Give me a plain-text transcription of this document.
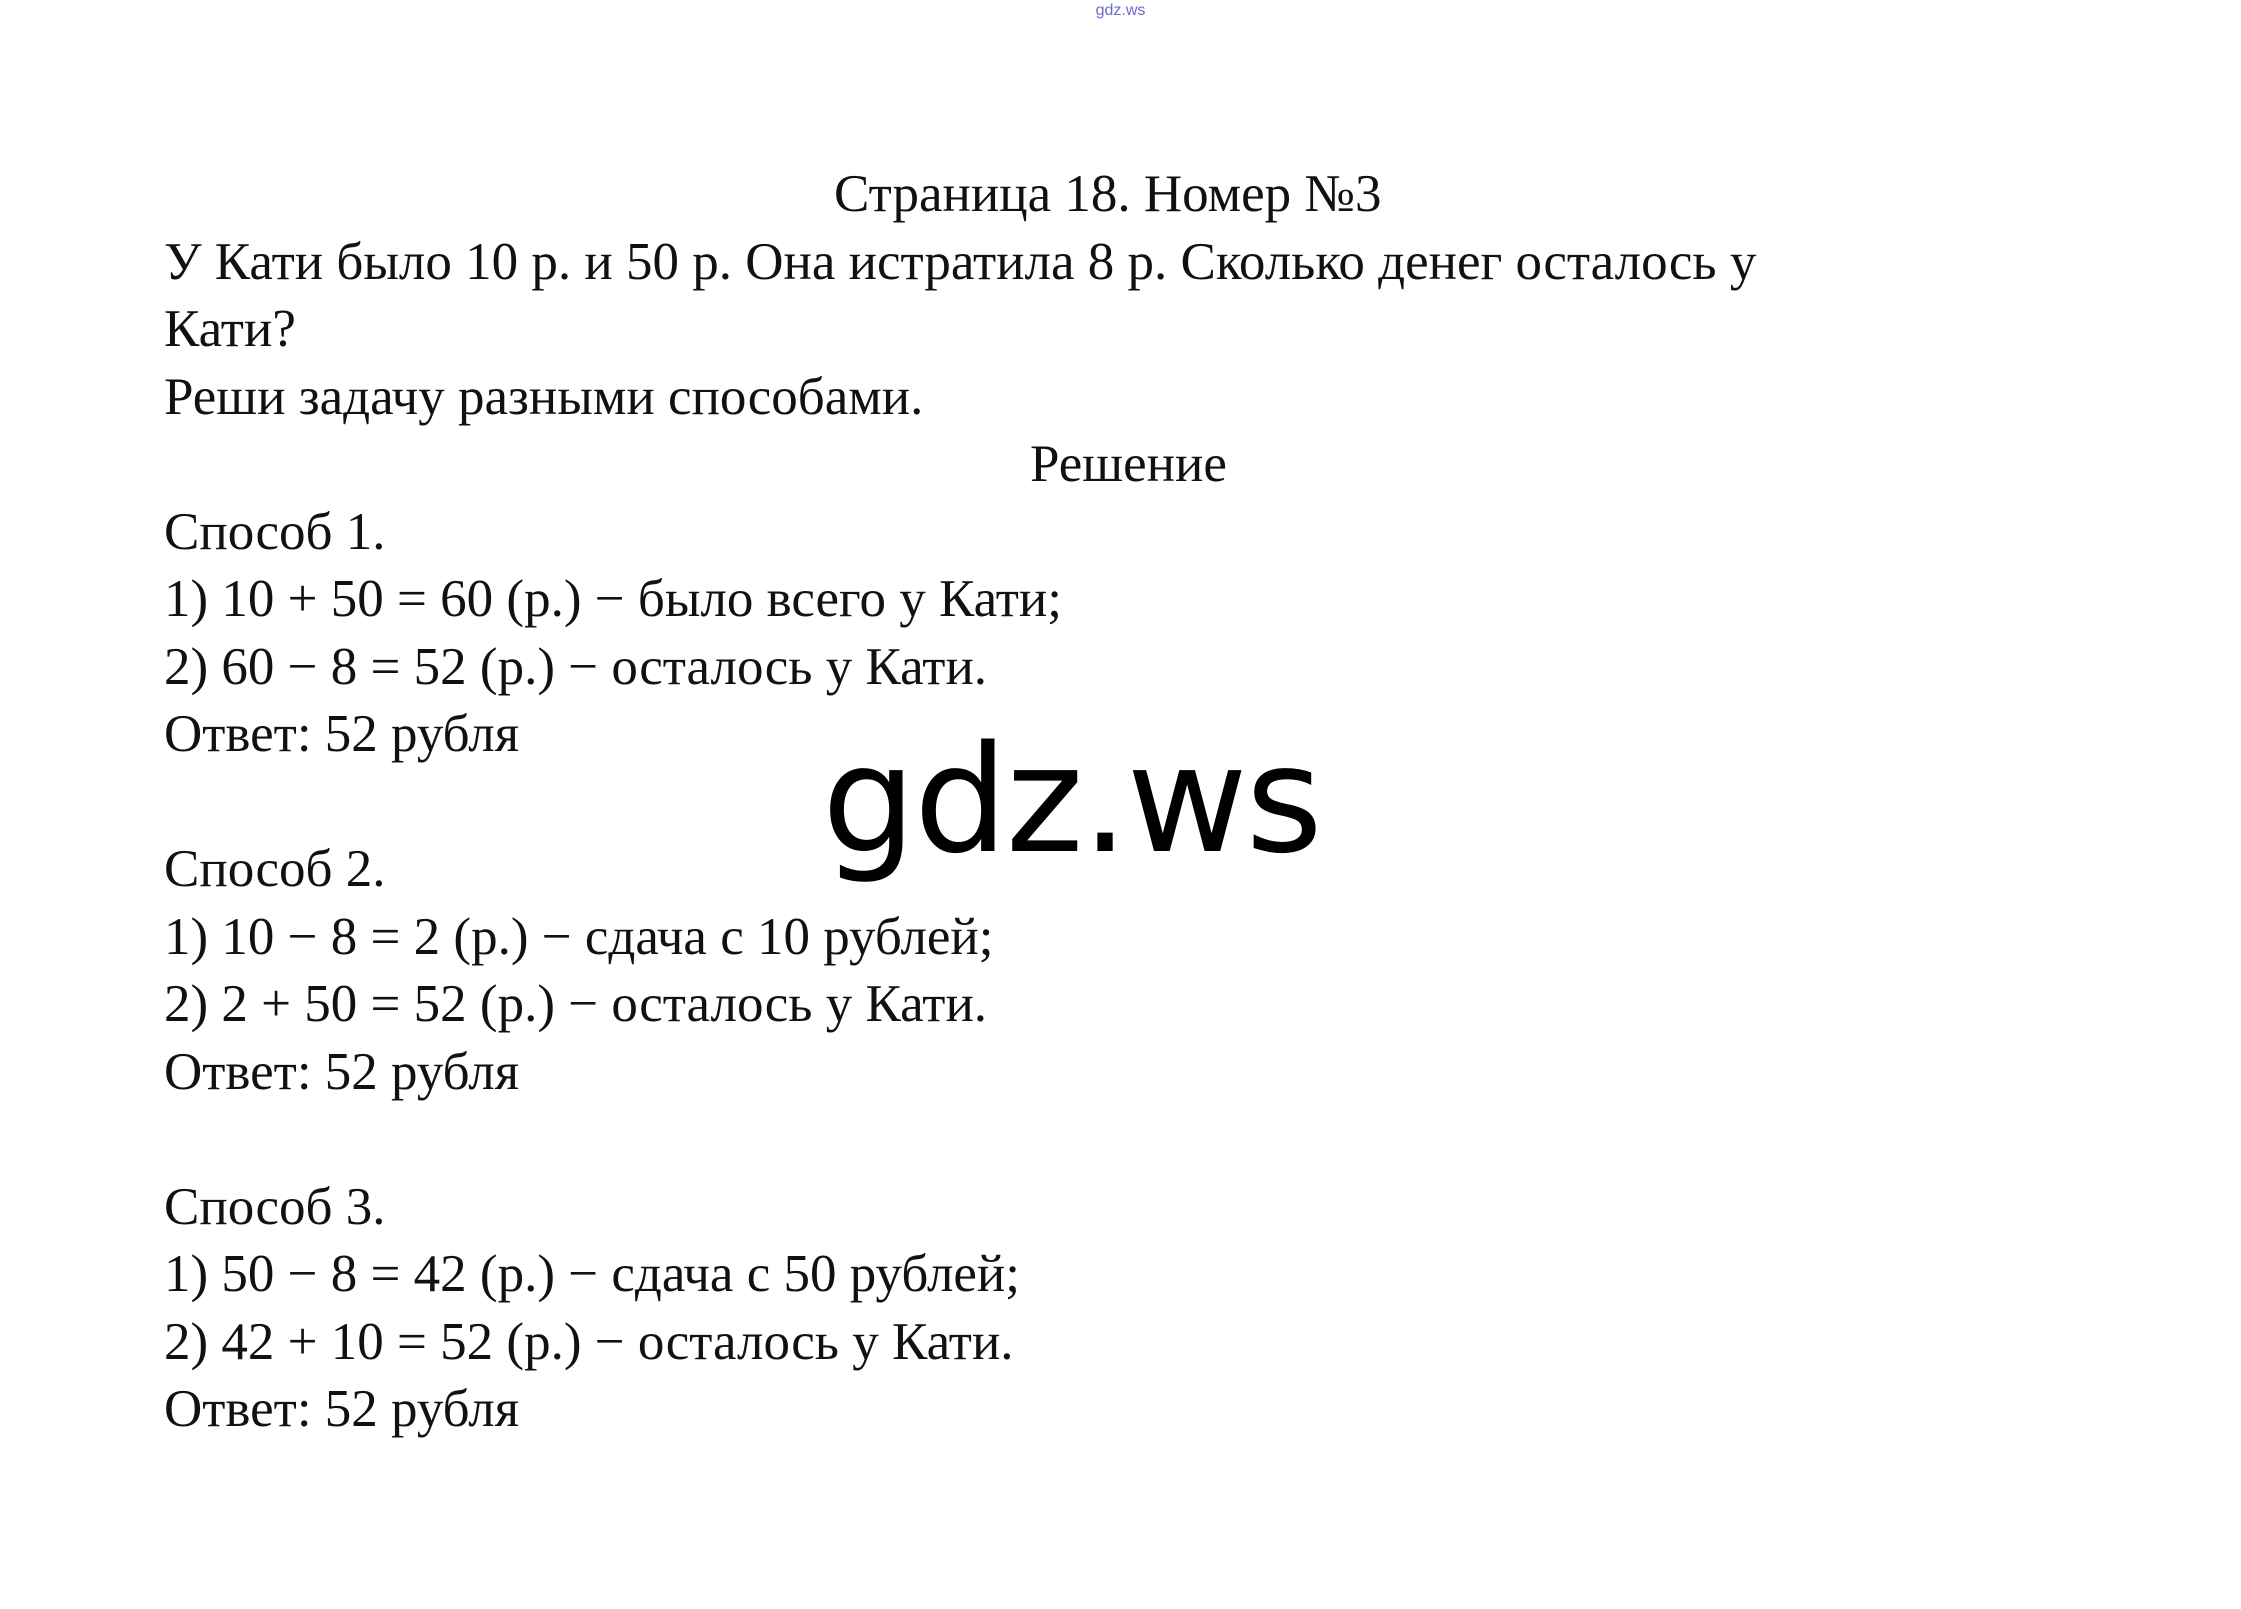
gdz.ws
Страница 18. Номер №3
У Кати было 10 р. и 50 р. Она истратила 8 р. Сколько денег осталось у
Кати?
Реши задачу разными способами.
Решение
Способ 1.
1) 10 + 50 = 60 (р.) − было всего у Кати;
2) 60 − 8 = 52 (р.) − осталось у Кати.
Ответ: 52 рубля
Способ 2.
1) 10 − 8 = 2 (р.) − сдача с 10 рублей;
2) 2 + 50 = 52 (р.) − осталось у Кати.
Ответ: 52 рубля
Способ 3.
1) 50 − 8 = 42 (р.) − сдача с 50 рублей;
2) 42 + 10 = 52 (р.) − осталось у Кати.
Ответ: 52 рубля
gdz.ws
